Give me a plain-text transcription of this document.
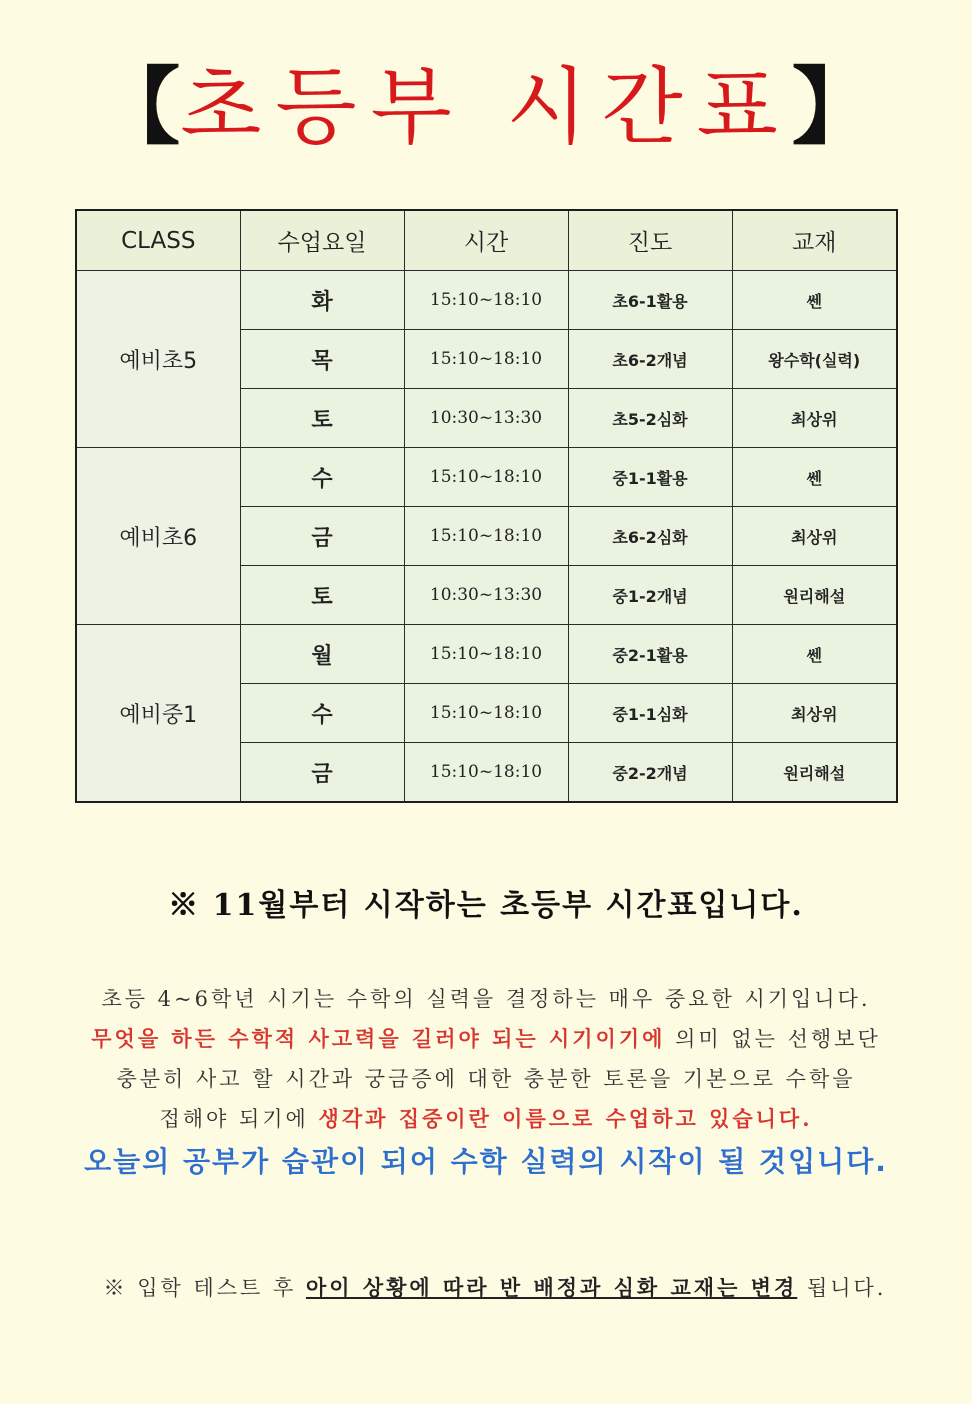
【초등부 시간표】
CLASS	수업요일	시간	진도	교재
예비초5	화	15:10~18:10	초6-1활용	쎈
	목	15:10~18:10	초6-2개념	왕수학(실력)
	토	10:30~13:30	초5-2심화	최상위
예비초6	수	15:10~18:10	중1-1활용	쎈
	금	15:10~18:10	초6-2심화	최상위
	토	10:30~13:30	중1-2개념	원리해설
예비중1	월	15:10~18:10	중2-1활용	쎈
	수	15:10~18:10	중1-1심화	최상위
	금	15:10~18:10	중2-2개념	원리해설
※ 11월부터 시작하는 초등부 시간표입니다.
초등 4~6학년 시기는 수학의 실력을 결정하는 매우 중요한 시기입니다.
무엇을 하든 수학적 사고력을 길러야 되는 시기이기에 의미 없는 선행보단
충분히 사고 할 시간과 궁금증에 대한 충분한 토론을 기본으로 수학을
접해야 되기에 생각과 집중이란 이름으로 수업하고 있습니다.
오늘의 공부가 습관이 되어 수학 실력의 시작이 될 것입니다.
※ 입학 테스트 후 아이 상황에 따라 반 배정과 심화 교재는 변경 됩니다.
